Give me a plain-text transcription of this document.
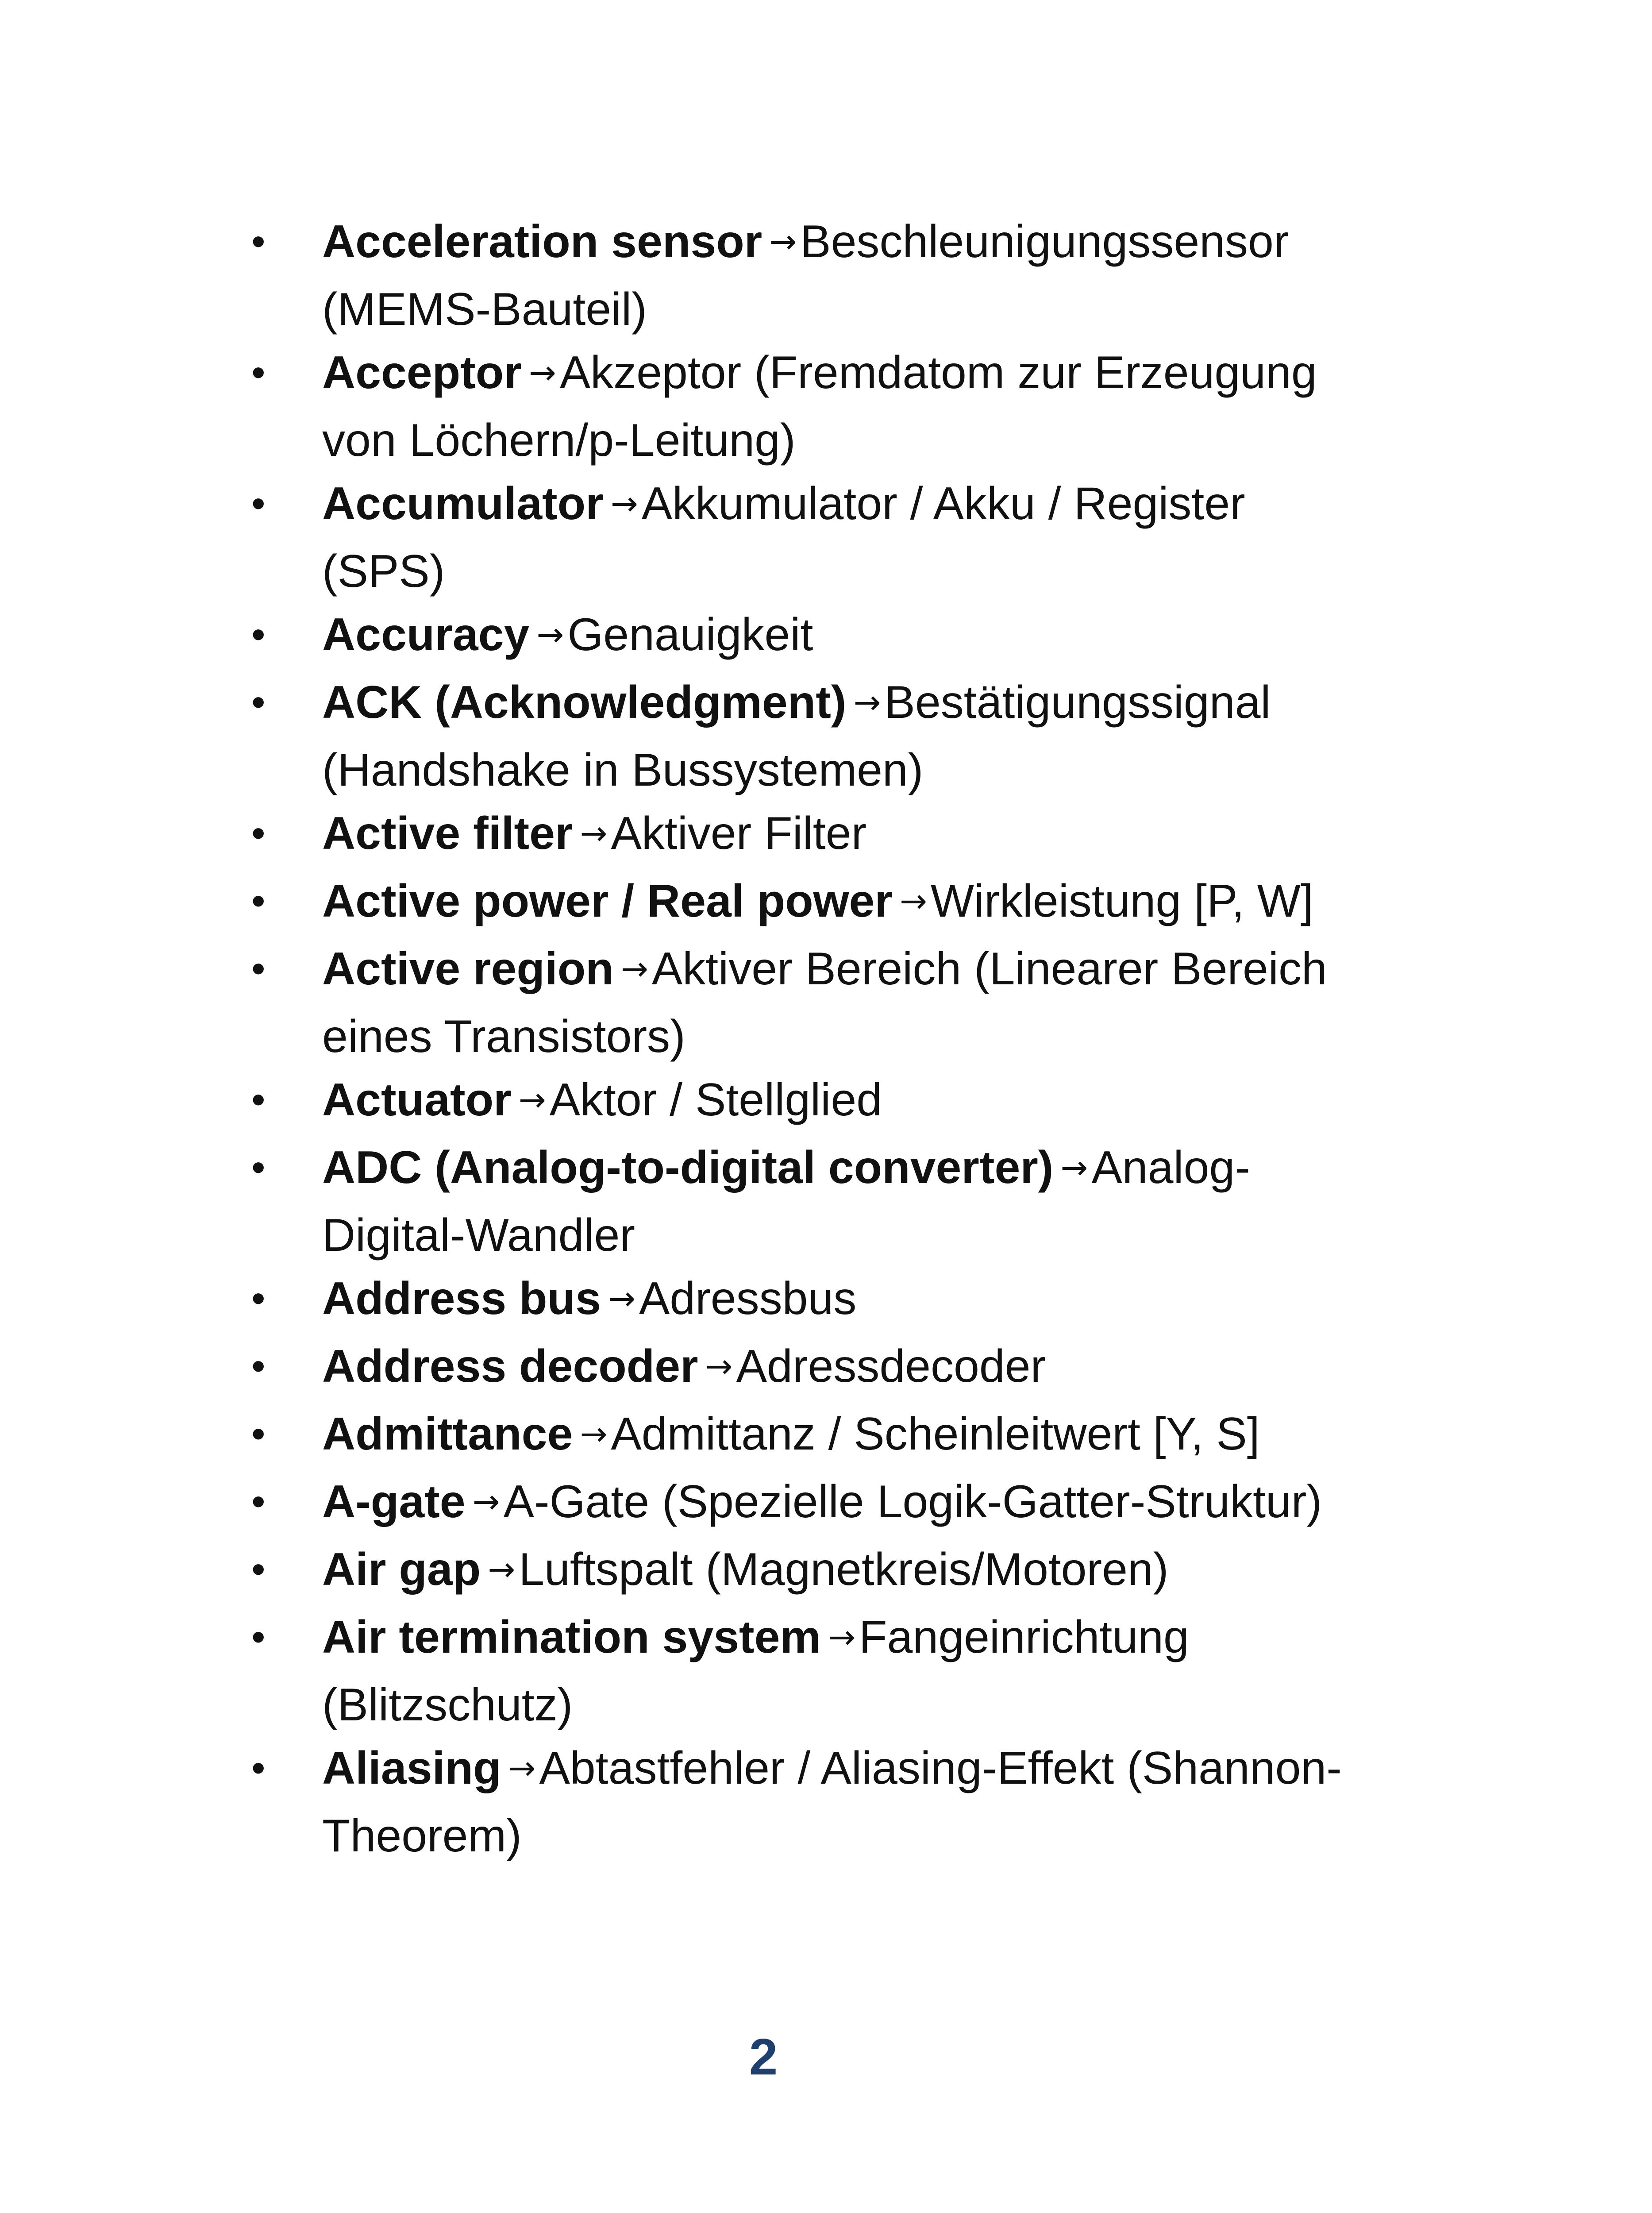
• Acceleration sensor →Beschleunigungssensor (MEMS-Bauteil)
• Acceptor →Akzeptor (Fremdatom zur Erzeugung von Löchern/p-Leitung)
• Accumulator →Akkumulator / Akku / Register (SPS)
• Accuracy →Genauigkeit
• ACK (Acknowledgment) →Bestätigungssignal (Handshake in Bussystemen)
• Active filter →Aktiver Filter
• Active power / Real power →Wirkleistung [P, W]
• Active region →Aktiver Bereich (Linearer Bereich eines Transistors)
• Actuator →Aktor / Stellglied
• ADC (Analog-to-digital converter) →Analog-Digital-Wandler
• Address bus →Adressbus
• Address decoder →Adressdecoder
• Admittance →Admittanz / Scheinleitwert [Y, S]
• A-gate →A-Gate (Spezielle Logik-Gatter-Struktur)
• Air gap →Luftspalt (Magnetkreis/Motoren)
• Air termination system →Fangeinrichtung (Blitzschutz)
• Aliasing →Abtastfehler / Aliasing-Effekt (Shannon-Theorem)
2
